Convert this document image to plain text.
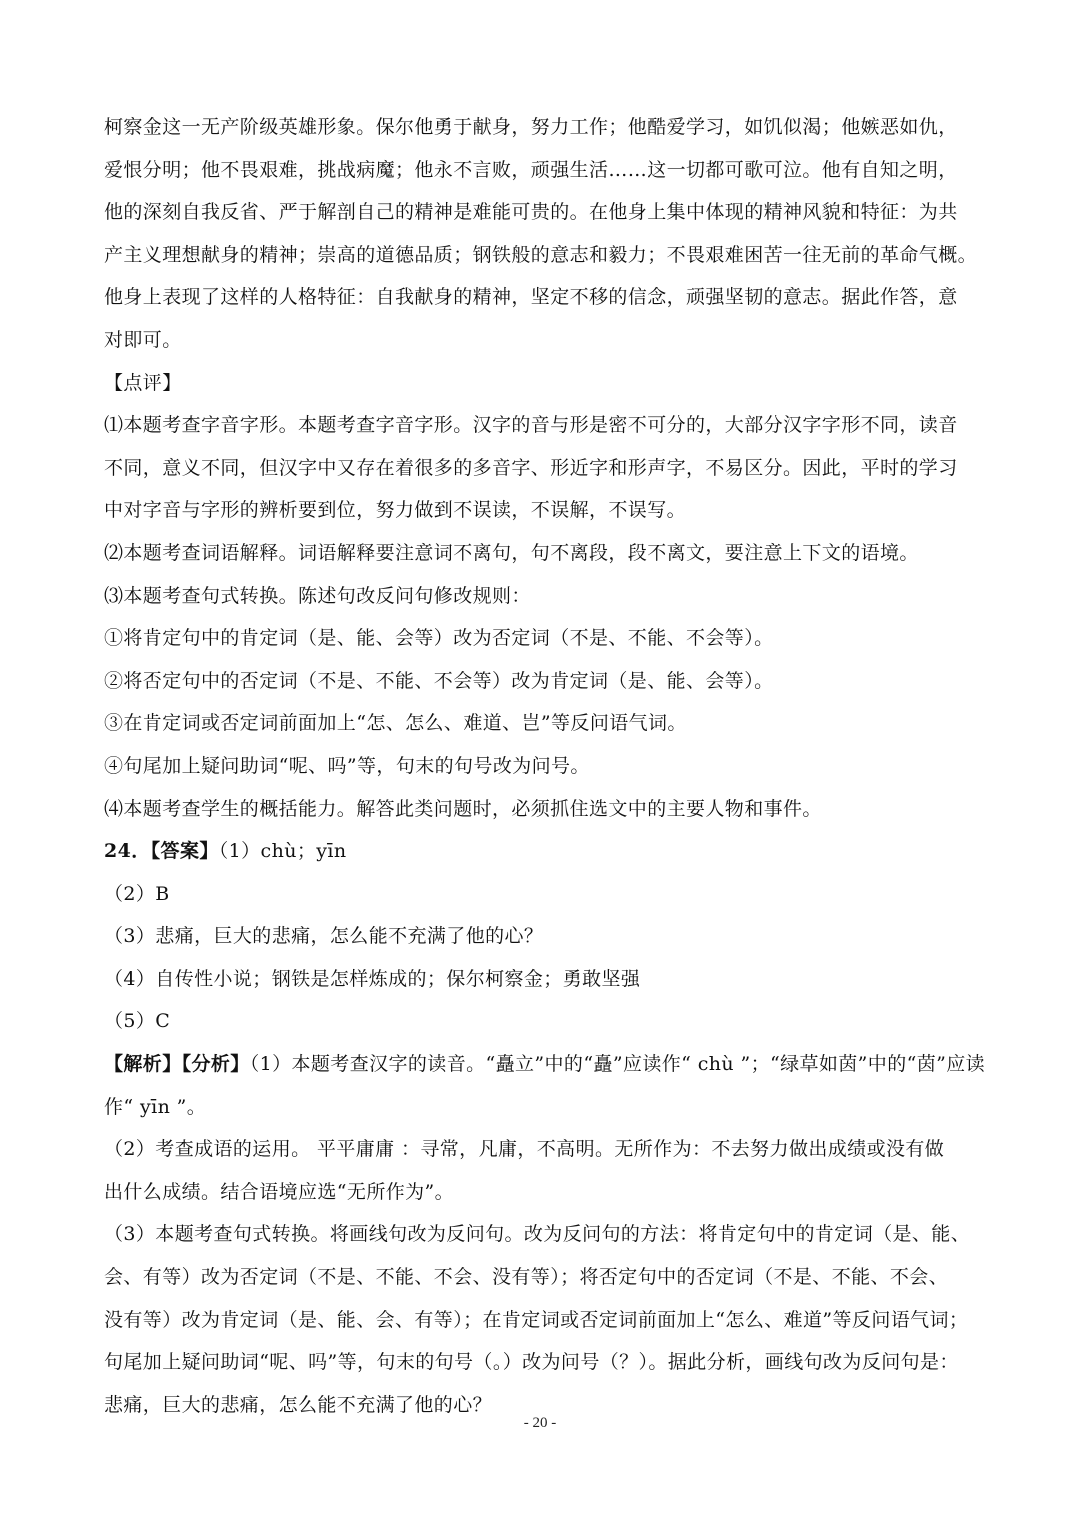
柯察金这一无产阶级英雄形象。保尔他勇于献身，努力工作；他酷爱学习，如饥似渴；他嫉恶如仇，
爱恨分明；他不畏艰难，挑战病魔；他永不言败，顽强生活……这一切都可歌可泣。他有自知之明，
他的深刻自我反省、严于解剖自己的精神是难能可贵的。在他身上集中体现的精神风貌和特征：为共
产主义理想献身的精神；崇高的道德品质；钢铁般的意志和毅力；不畏艰难困苦一往无前的革命气概。
他身上表现了这样的人格特征：自我献身的精神，坚定不移的信念，顽强坚韧的意志。据此作答，意
对即可。
【点评】
⑴本题考查字音字形。本题考查字音字形。汉字的音与形是密不可分的，大部分汉字字形不同，读音
不同，意义不同，但汉字中又存在着很多的多音字、形近字和形声字，不易区分。因此，平时的学习
中对字音与字形的辨析要到位，努力做到不误读，不误解，不误写。
⑵本题考查词语解释。词语解释要注意词不离句，句不离段，段不离文，要注意上下文的语境。
⑶本题考查句式转换。陈述句改反问句修改规则：
①将肯定句中的肯定词（是、能、会等）改为否定词（不是、不能、不会等）。
②将否定句中的否定词（不是、不能、不会等）改为肯定词（是、能、会等）。
③在肯定词或否定词前面加上“怎、怎么、难道、岂”等反问语气词。
④句尾加上疑问助词“呢、吗”等，句末的句号改为问号。
⑷本题考查学生的概括能力。解答此类问题时，必须抓住选文中的主要人物和事件。
24．【答案】（1）chù；yīn
（2）B
（3）悲痛，巨大的悲痛，怎么能不充满了他的心？
（4）自传性小说；钢铁是怎样炼成的；保尔柯察金；勇敢坚强
（5）C
【解析】【分析】（1）本题考查汉字的读音。“矗立”中的“矗”应读作“ chù ”；“绿草如茵”中的“茵”应读
作“ yīn ”。
（2）考查成语的运用。 平平庸庸 ：寻常，凡庸，不高明。无所作为：不去努力做出成绩或没有做
出什么成绩。结合语境应选“无所作为”。
（3）本题考查句式转换。将画线句改为反问句。改为反问句的方法：将肯定句中的肯定词（是、能、
会、有等）改为否定词（不是、不能、不会、没有等）；将否定句中的否定词（不是、不能、不会、
没有等）改为肯定词（是、能、会、有等）；在肯定词或否定词前面加上“怎么、难道”等反问语气词；
句尾加上疑问助词“呢、吗”等，句末的句号（。）改为问号（？）。据此分析，画线句改为反问句是：
悲痛，巨大的悲痛，怎么能不充满了他的心？
- 20 -
